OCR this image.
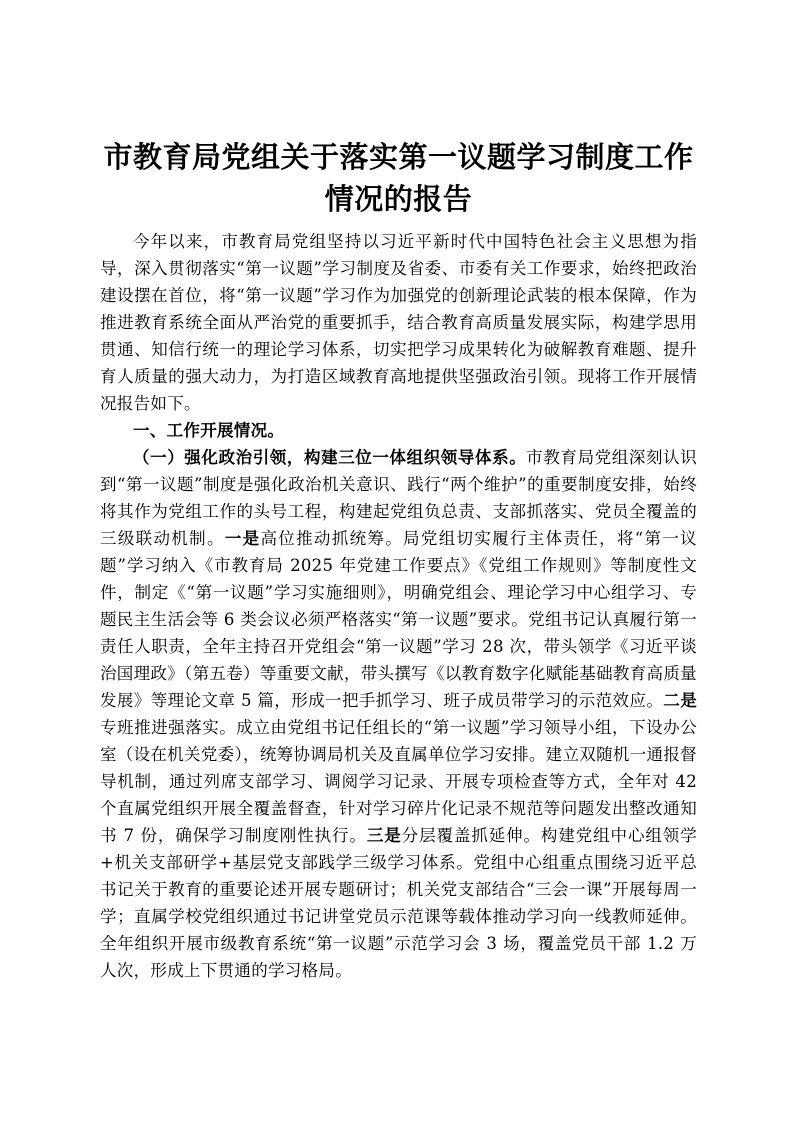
市教育局党组关于落实第一议题学习制度工作情况的报告

今年以来，市教育局党组坚持以习近平新时代中国特色社会主义思想为指导，深入贯彻落实“第一议题”学习制度及省委、市委有关工作要求，始终把政治建设摆在首位，将“第一议题”学习作为加强党的创新理论武装的根本保障，作为推进教育系统全面从严治党的重要抓手，结合教育高质量发展实际，构建学思用贯通、知信行统一的理论学习体系，切实把学习成果转化为破解教育难题、提升育人质量的强大动力，为打造区域教育高地提供坚强政治引领。现将工作开展情况报告如下。

一、工作开展情况。

（一）强化政治引领，构建三位一体组织领导体系。市教育局党组深刻认识到“第一议题”制度是强化政治机关意识、践行“两个维护”的重要制度安排，始终将其作为党组工作的头号工程，构建起党组负总责、支部抓落实、党员全覆盖的三级联动机制。一是高位推动抓统筹。局党组切实履行主体责任，将“第一议题”学习纳入《市教育局 2025 年党建工作要点》《党组工作规则》等制度性文件，制定《“第一议题”学习实施细则》，明确党组会、理论学习中心组学习、专题民主生活会等 6 类会议必须严格落实“第一议题”要求。党组书记认真履行第一责任人职责，全年主持召开党组会“第一议题”学习 28 次，带头领学《习近平谈治国理政》（第五卷）等重要文献，带头撰写《以教育数字化赋能基础教育高质量发展》等理论文章 5 篇，形成一把手抓学习、班子成员带学习的示范效应。二是专班推进强落实。成立由党组书记任组长的“第一议题”学习领导小组，下设办公室（设在机关党委），统筹协调局机关及直属单位学习安排。建立双随机一通报督导机制，通过列席支部学习、调阅学习记录、开展专项检查等方式，全年对 42 个直属党组织开展全覆盖督查，针对学习碎片化记录不规范等问题发出整改通知书 7 份，确保学习制度刚性执行。三是分层覆盖抓延伸。构建党组中心组领学+机关支部研学+基层党支部践学三级学习体系。党组中心组重点围绕习近平总书记关于教育的重要论述开展专题研讨；机关党支部结合“三会一课”开展每周一学；直属学校党组织通过书记讲堂党员示范课等载体推动学习向一线教师延伸。全年组织开展市级教育系统“第一议题”示范学习会 3 场，覆盖党员干部 1.2 万人次，形成上下贯通的学习格局。
